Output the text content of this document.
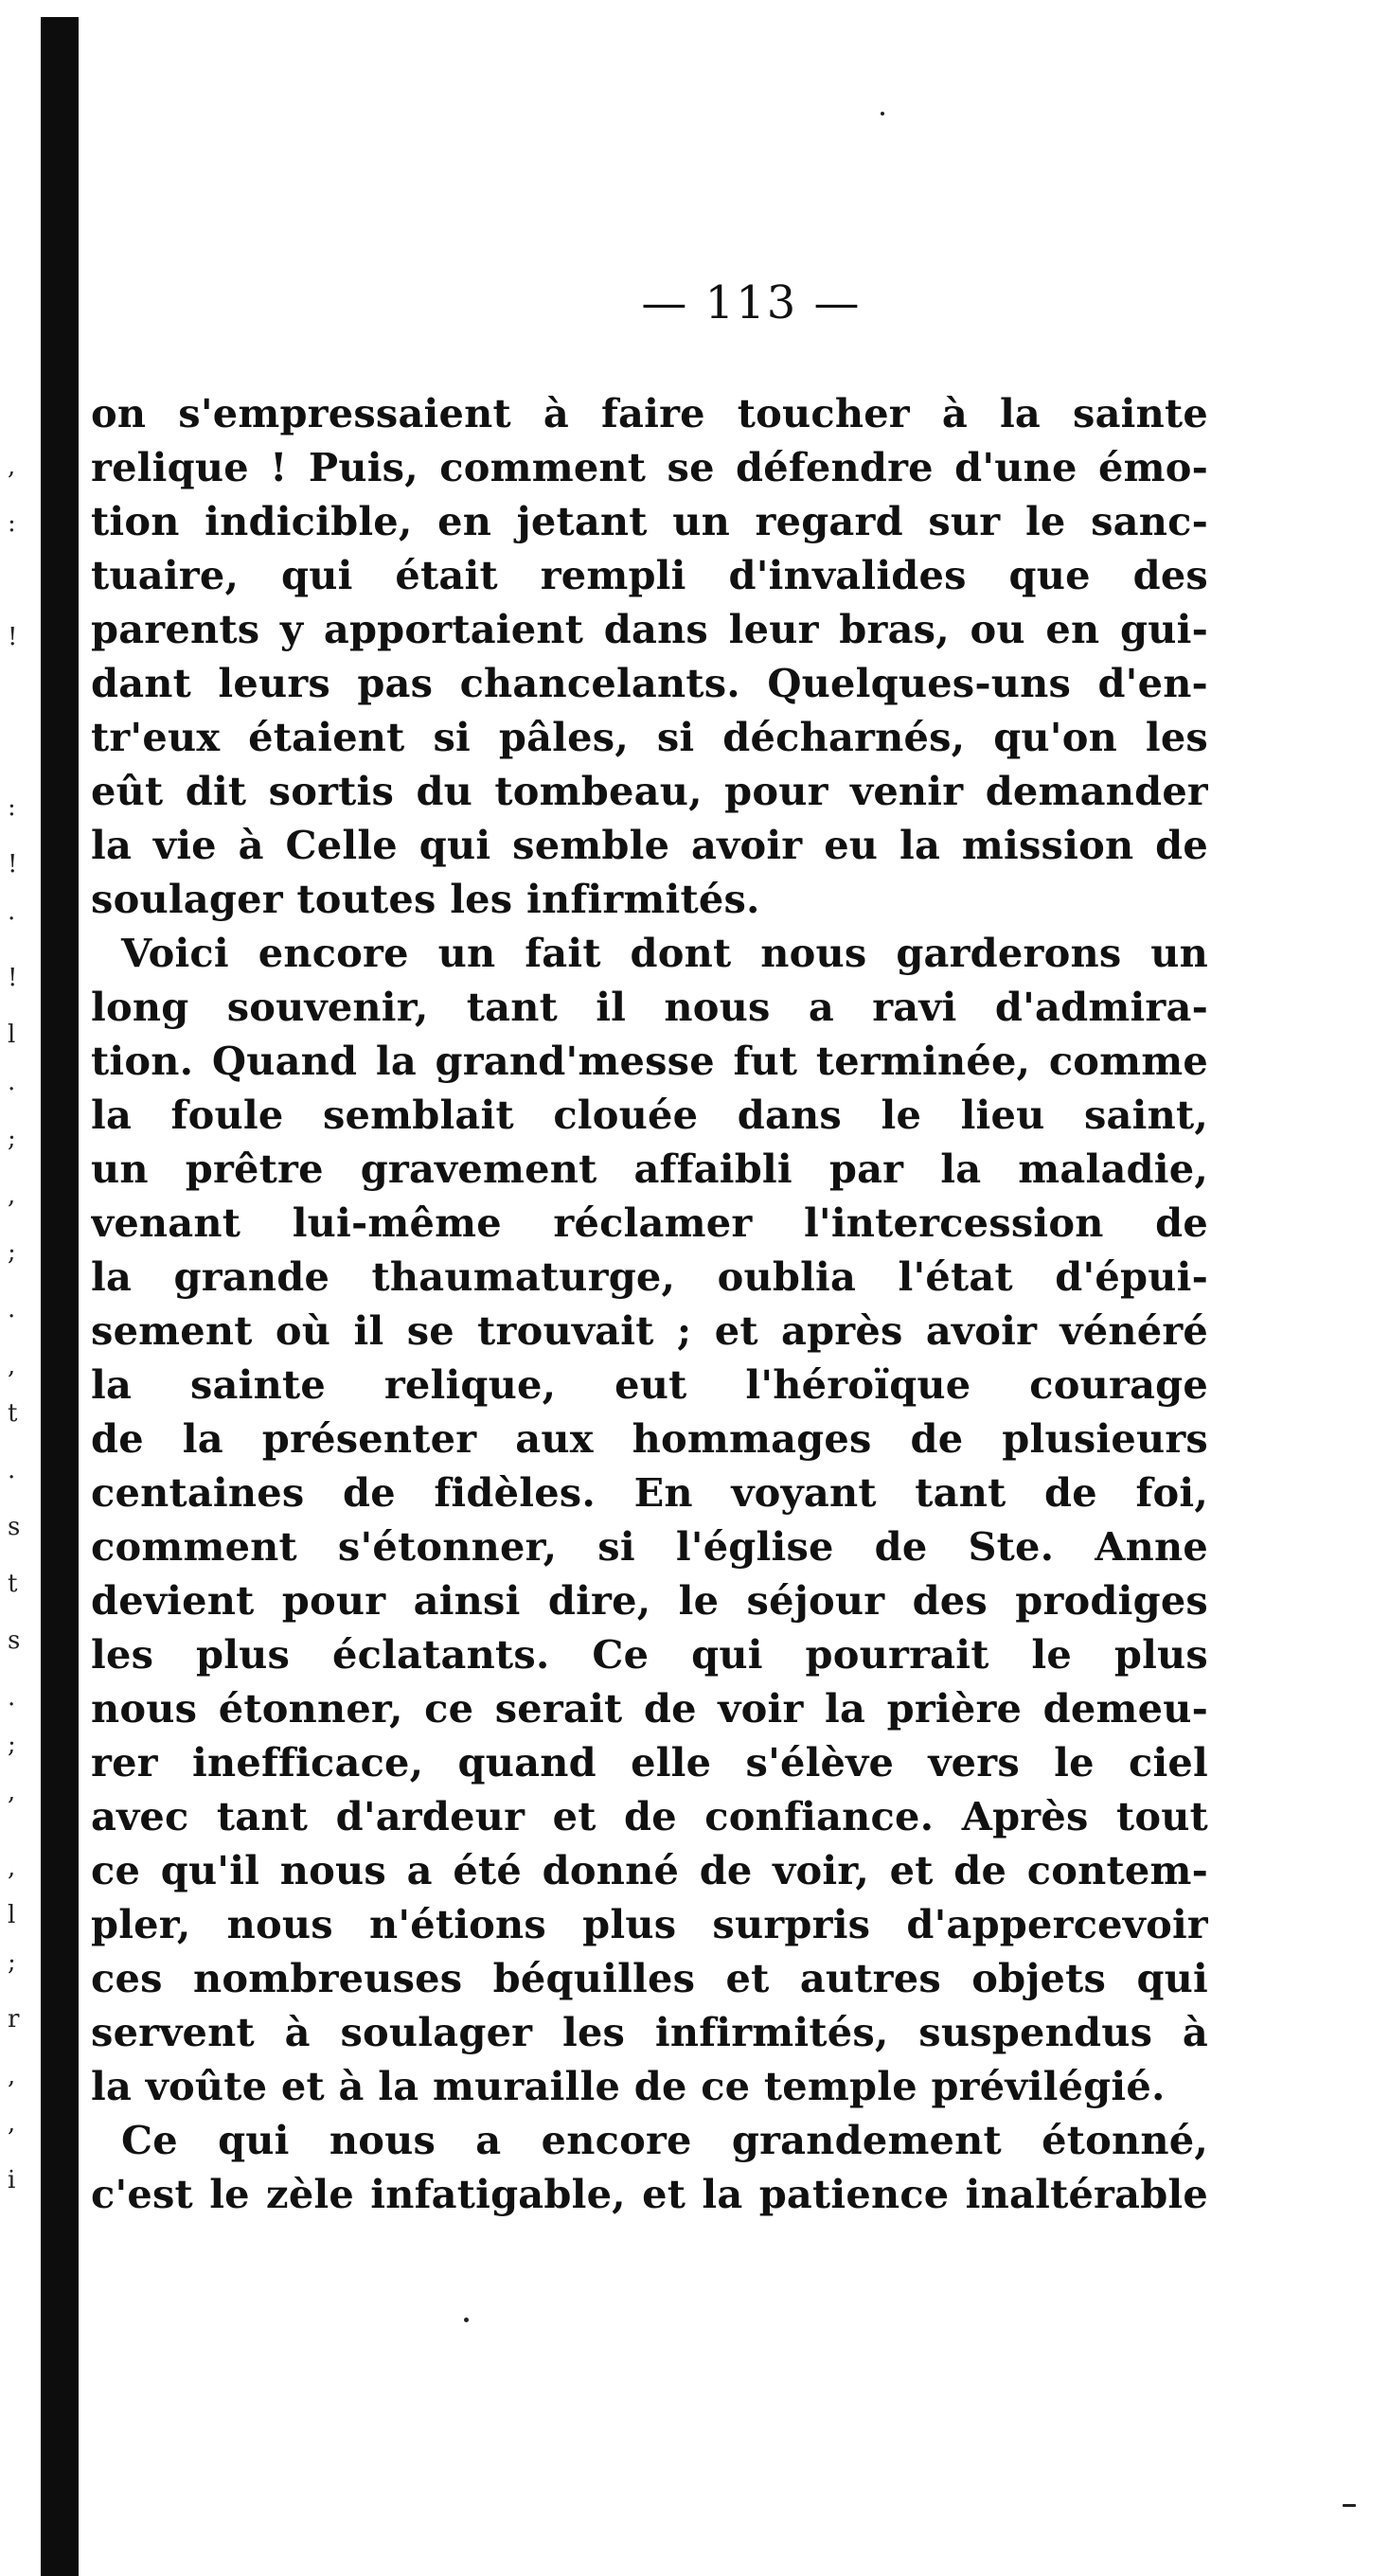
,
:
!
:
!
.
!
l
.
;
,
;
.
,
t
.
s
t
s
.
;
,
,
l
;
r
,
,
i
— 113 —
on s'empressaient à faire toucher à la sainte
relique ! Puis, comment se défendre d'une émo-
tion indicible, en jetant un regard sur le sanc-
tuaire, qui était rempli d'invalides que des
parents y apportaient dans leur bras, ou en gui-
dant leurs pas chancelants. Quelques-uns d'en-
tr'eux étaient si pâles, si décharnés, qu'on les
eût dit sortis du tombeau, pour venir demander
la vie à Celle qui semble avoir eu la mission de
soulager toutes les infirmités.
Voici encore un fait dont nous garderons un
long souvenir, tant il nous a ravi d'admira-
tion. Quand la grand'messe fut terminée, comme
la foule semblait clouée dans le lieu saint,
un prêtre gravement affaibli par la maladie,
venant lui-même réclamer l'intercession de
la grande thaumaturge, oublia l'état d'épui-
sement où il se trouvait ; et après avoir vénéré
la sainte relique, eut l'héroïque courage
de la présenter aux hommages de plusieurs
centaines de fidèles. En voyant tant de foi,
comment s'étonner, si l'église de Ste. Anne
devient pour ainsi dire, le séjour des prodiges
les plus éclatants. Ce qui pourrait le plus
nous étonner, ce serait de voir la prière demeu-
rer inefficace, quand elle s'élève vers le ciel
avec tant d'ardeur et de confiance. Après tout
ce qu'il nous a été donné de voir, et de contem-
pler, nous n'étions plus surpris d'appercevoir
ces nombreuses béquilles et autres objets qui
servent à soulager les infirmités, suspendus à
la voûte et à la muraille de ce temple prévilégié.
Ce qui nous a encore grandement étonné,
c'est le zèle infatigable, et la patience inaltérable
